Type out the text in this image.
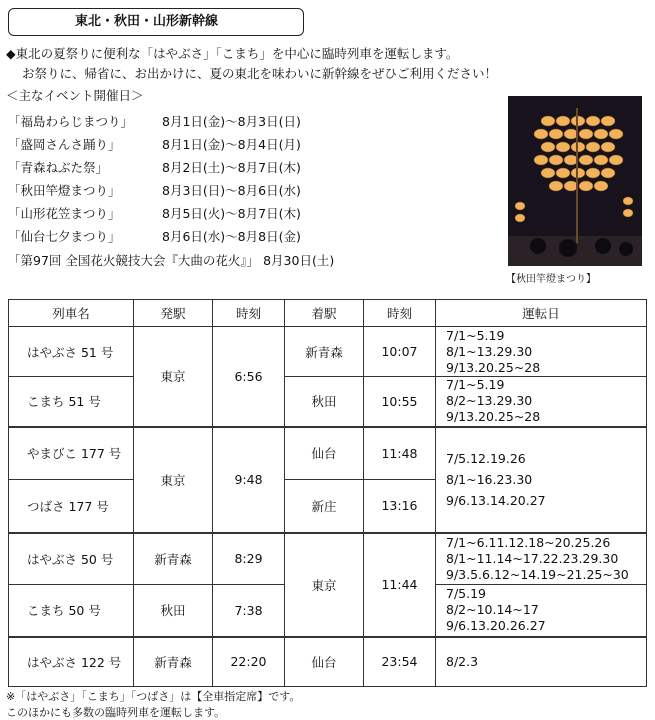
東北・秋田・山形新幹線
◆東北の夏祭りに便利な「はやぶさ」「こまち」を中心に臨時列車を運転します。
お祭りに、帰省に、お出かけに、夏の東北を味わいに新幹線をぜひご利用ください！
＜主なイベント開催日＞
「福島わらじまつり」 8月1日(金)～8月3日(日)
「盛岡さんさ踊り」	8月1日(金)～8月4日(月)
「青森ねぶた祭」	8月2日(土)～8月7日(木)
「秋田竿燈まつり」	8月3日(日)～8月6日(水)
「山形花笠まつり」	8月5日(火)～8月7日(木)
「仙台七夕まつり」	8月6日(水)～8月8日(金)
「第97回 全国花火競技大会『大曲の花火』」 8月30日(土)
【秋田竿燈まつり】
列車名	発駅	時刻	着駅	時刻	運転日
はやぶさ 51 号	東京	6:56	新青森	10:07	7/1~5.19
8/1~13.29.30
9/13.20.25~28

こまち 51 号			秋田	10:55	7/1~5.19
8/2~13.29.30
9/13.20.25~28

やまびこ 177 号	東京	9:48	仙台	11:48	7/5.12.19.26
8/1~16.23.30
9/6.13.14.20.27

つばさ 177 号			新庄	13:16	
はやぶさ 50 号	新青森	8:29	東京	11:44	7/1~6.11.12.18~20.25.26
8/1~11.14~17.22.23.29.30
9/3.5.6.12~14.19~21.25~30

こまち 50 号	秋田	7:38			7/5.19
8/2~10.14~17
9/6.13.20.26.27

はやぶさ 122 号	新青森	22:20	仙台	23:54	8/2.3
※「はやぶさ」「こまち」「つばさ」は【全車指定席】です。
このほかにも多数の臨時列車を運転します。
